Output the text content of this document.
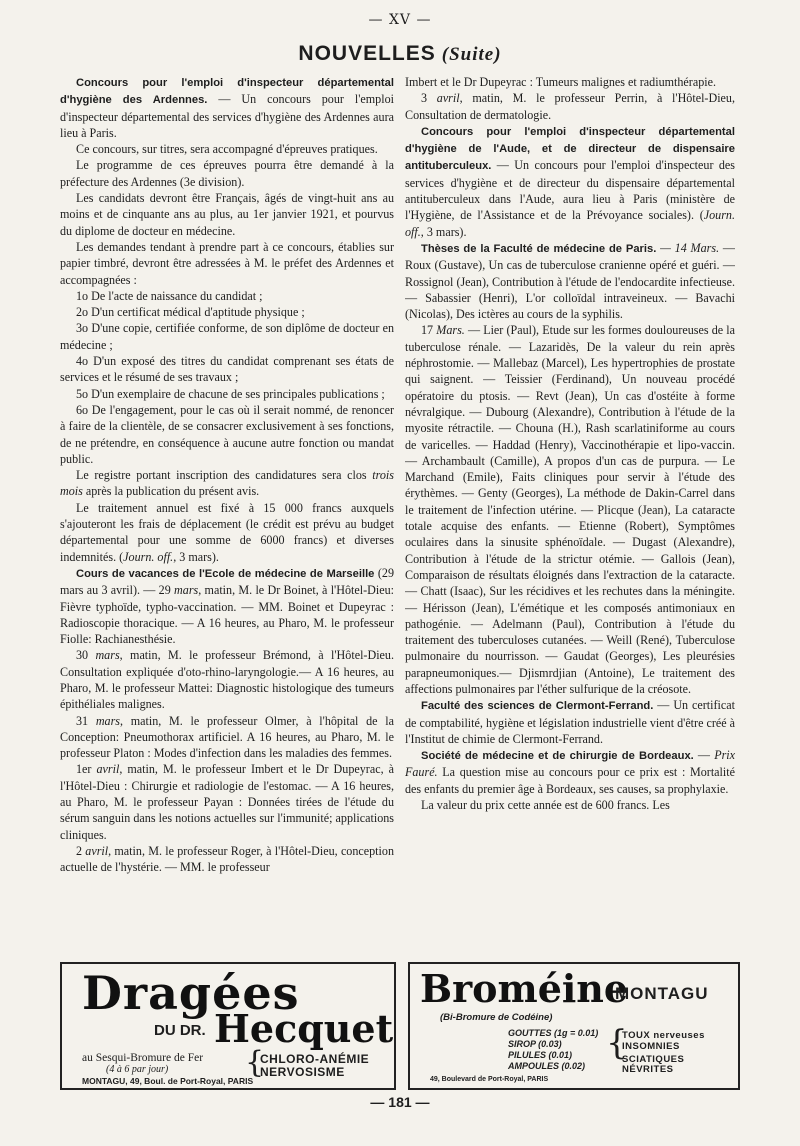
— XV —
NOUVELLES (Suite)

Concours pour l'emploi d'inspecteur départemental d'hygiène des Ardennes. — Un concours pour l'emploi d'inspecteur départemental des services d'hygiène des Ardennes aura lieu à Paris.

Ce concours, sur titres, sera accompagné d'épreuves pratiques.

Le programme de ces épreuves pourra être demandé à la préfecture des Ardennes (3e division).

Les candidats devront être Français, âgés de vingt-huit ans au moins et de cinquante ans au plus, au 1er janvier 1921, et pourvus du diplome de docteur en médecine.

Les demandes tendant à prendre part à ce concours, établies sur papier timbré, devront être adressées à M. le préfet des Ardennes et accompagnées :

1o De l'acte de naissance du candidat ;

2o D'un certificat médical d'aptitude physique ;

3o D'une copie, certifiée conforme, de son diplôme de docteur en médecine ;

4o D'un exposé des titres du candidat comprenant ses états de services et le résumé de ses travaux ;

5o D'un exemplaire de chacune de ses principales publications ;

6o De l'engagement, pour le cas où il serait nommé, de renoncer à faire de la clientèle, de se consacrer exclusivement à ses fonctions, de ne prétendre, en conséquence à aucune autre fonction ou mandat public.

Le registre portant inscription des candidatures sera clos trois mois après la publication du présent avis.

Le traitement annuel est fixé à 15 000 francs auxquels s'ajouteront les frais de déplacement (le crédit est prévu au budget départemental pour une somme de 6000 francs) et diverses indemnités. (Journ. off., 3 mars).

Cours de vacances de l'Ecole de médecine de Marseille (29 mars au 3 avril). — 29 mars, matin, M. le Dr Boinet, à l'Hôtel-Dieu: Fièvre typhoïde, typho-vaccination. — MM. Boinet et Dupeyrac : Radioscopie thoracique. — A 16 heures, au Pharo, M. le professeur Fiolle: Rachianesthésie.

30 mars, matin, M. le professeur Brémond, à l'Hôtel-Dieu. Consultation expliquée d'oto-rhino-laryngologie.— A 16 heures, au Pharo, M. le professeur Mattei: Diagnostic histologique des tumeurs épithéliales malignes.

31 mars, matin, M. le professeur Olmer, à l'hôpital de la Conception: Pneumothorax artificiel. A 16 heures, au Pharo, M. le professeur Platon : Modes d'infection dans les maladies des femmes.

1er avril, matin, M. le professeur Imbert et le Dr Dupeyrac, à l'Hôtel-Dieu : Chirurgie et radiologie de l'estomac. — A 16 heures, au Pharo, M. le professeur Payan : Données tirées de l'étude du sérum sanguin dans les notions actuelles sur l'immunité; applications cliniques.

2 avril, matin, M. le professeur Roger, à l'Hôtel-Dieu, conception actuelle de l'hystérie. — MM. le professeur

Imbert et le Dr Dupeyrac : Tumeurs malignes et radiumthérapie.

3 avril, matin, M. le professeur Perrin, à l'Hôtel-Dieu, Consultation de dermatologie.

Concours pour l'emploi d'inspecteur départemental d'hygiène de l'Aude, et de directeur de dispensaire antituberculeux. — Un concours pour l'emploi d'inspecteur des services d'hygiène et de directeur du dispensaire départemental antituberculeux dans l'Aude, aura lieu à Paris (ministère de l'Hygiène, de l'Assistance et de la Prévoyance sociales). (Journ. off., 3 mars).

Thèses de la Faculté de médecine de Paris. — 14 Mars. — Roux (Gustave), Un cas de tuberculose cranienne opéré et guéri. — Rossignol (Jean), Contribution à l'étude de l'endocardite infectieuse. — Sabassier (Henri), L'or colloïdal intraveineux. — Bavachi (Nicolas), Des ictères au cours de la syphilis.

17 Mars. — Lier (Paul), Etude sur les formes douloureuses de la tuberculose rénale. — Lazaridès, De la valeur du rein après néphrostomie. — Mallebaz (Marcel), Les hypertrophies de prostate qui saignent. — Teissier (Ferdinand), Un nouveau procédé opératoire du ptosis. — Revt (Jean), Un cas d'ostéite à forme névralgique. — Dubourg (Alexandre), Contribution à l'étude de la myosite rétractile. — Chouna (H.), Rash scarlatiniforme au cours de varicelles. — Haddad (Henry), Vaccinothérapie et lipo-vaccin. — Archambault (Camille), A propos d'un cas de purpura. — Le Marchand (Emile), Faits cliniques pour servir à l'étude des érythèmes. — Genty (Georges), La méthode de Dakin-Carrel dans le traitement de l'infection utérine. — Plicque (Jean), La cataracte totale acquise des enfants. — Etienne (Robert), Symptômes oculaires dans la sinusite sphénoïdale. — Dugast (Alexandre), Contribution à l'étude de la strictur otémie. — Gallois (Jean), Comparaison de résultats éloignés dans l'extraction de la cataracte. — Chatt (Isaac), Sur les récidives et les rechutes dans la méningite. — Hérisson (Jean), L'émétique et les composés antimoniaux en pathogénie. — Adelmann (Paul), Contribution à l'étude du traitement des tuberculoses cutanées. — Weill (René), Tuberculose pulmonaire du nourrisson. — Gaudat (Georges), Les pleurésies parapneumoniques.— Djismrdjian (Antoine), Le traitement des affections pulmonaires par l'éther sulfurique de la créosote.

Faculté des sciences de Clermont-Ferrand. — Un certificat de comptabilité, hygiène et législation industrielle vient d'être créé à l'Institut de chimie de Clermont-Ferrand.

Société de médecine et de chirurgie de Bordeaux. — Prix Fauré. La question mise au concours pour ce prix est : Mortalité des enfants du premier âge à Bordeaux, ses causes, sa prophylaxie.

La valeur du prix cette année est de 600 francs. Les

Dragées
DU DR. Hecquet
au Sesqui-Bromure de Fer
(4 à 6 par jour)	{
CHLORO-ANÉMIE
NERVOSISME
MONTAGU, 49, Boul. de Port-Royal, PARIS
Broméine
MONTAGU
(Bi-Bromure de Codéine)
GOUTTES (1g = 0.01)
SIROP (0.03)
PILULES (0.01)
AMPOULES (0.02)
{
TOUX nerveuses
INSOMNIES
SCIATIQUES
NÉVRITES
49, Boulevard de Port-Royal, PARIS
— 181 —
